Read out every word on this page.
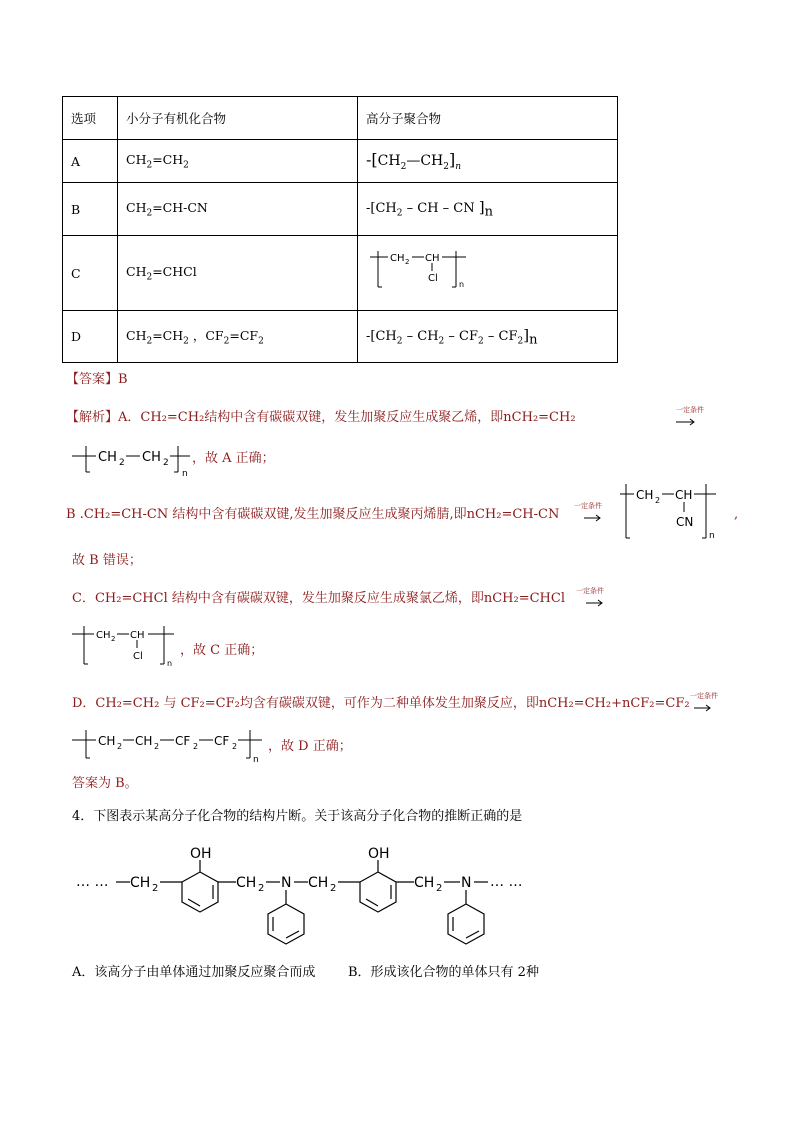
选项	小分子有机化合物	高分子聚合物
A	$CH_2=CH_2$	$-[CH_2—CH_2]_n$
B	$CH_2=CH-CN$	$-[CH_2$ – CH – CN ]$_n$
C	$CH_2=CHCl$	CH 2 CH
Cl
n

D	$CH_2=CH_2$ ，$CF_2=CF_2$	$-[CH_2 - CH_2 - CF_2 - CF_2]_n$
【答案】B
【解析】A．CH₂=CH₂结构中含有碳碳双键，发生加聚反应生成聚乙烯，即nCH₂=CH₂	一定条件
CH 2 CH 2
n
，故 A 正确；
B .CH₂=CH-CN 结构中含有碳碳双键,发生加聚反应生成聚丙烯腈,即nCH₂=CH-CN
一定条件
CH 2 CH
CN
n
,
故 B 错误；
C．CH₂=CHCl 结构中含有碳碳双键，发生加聚反应生成聚氯乙烯，即nCH₂=CHCl 一定条件
CH 2 CH
Cl
n
，故 C 正确；
D．CH₂=CH₂ 与 CF₂=CF₂均含有碳碳双键，可作为二种单体发生加聚反应，即nCH₂=CH₂+nCF₂=CF₂ 一定条件
CH 2 CH 2 CF 2 CF 2
n
，故 D 正确；
答案为 B。
4．下图表示某高分子化合物的结构片断。关于该高分子化合物的推断正确的是
… … CH 2
OH
CH 2 N CH 2
OH
CH 2 N … …
A．该高分子由单体通过加聚反应聚合而成	B．形成该化合物的单体只有 2种
